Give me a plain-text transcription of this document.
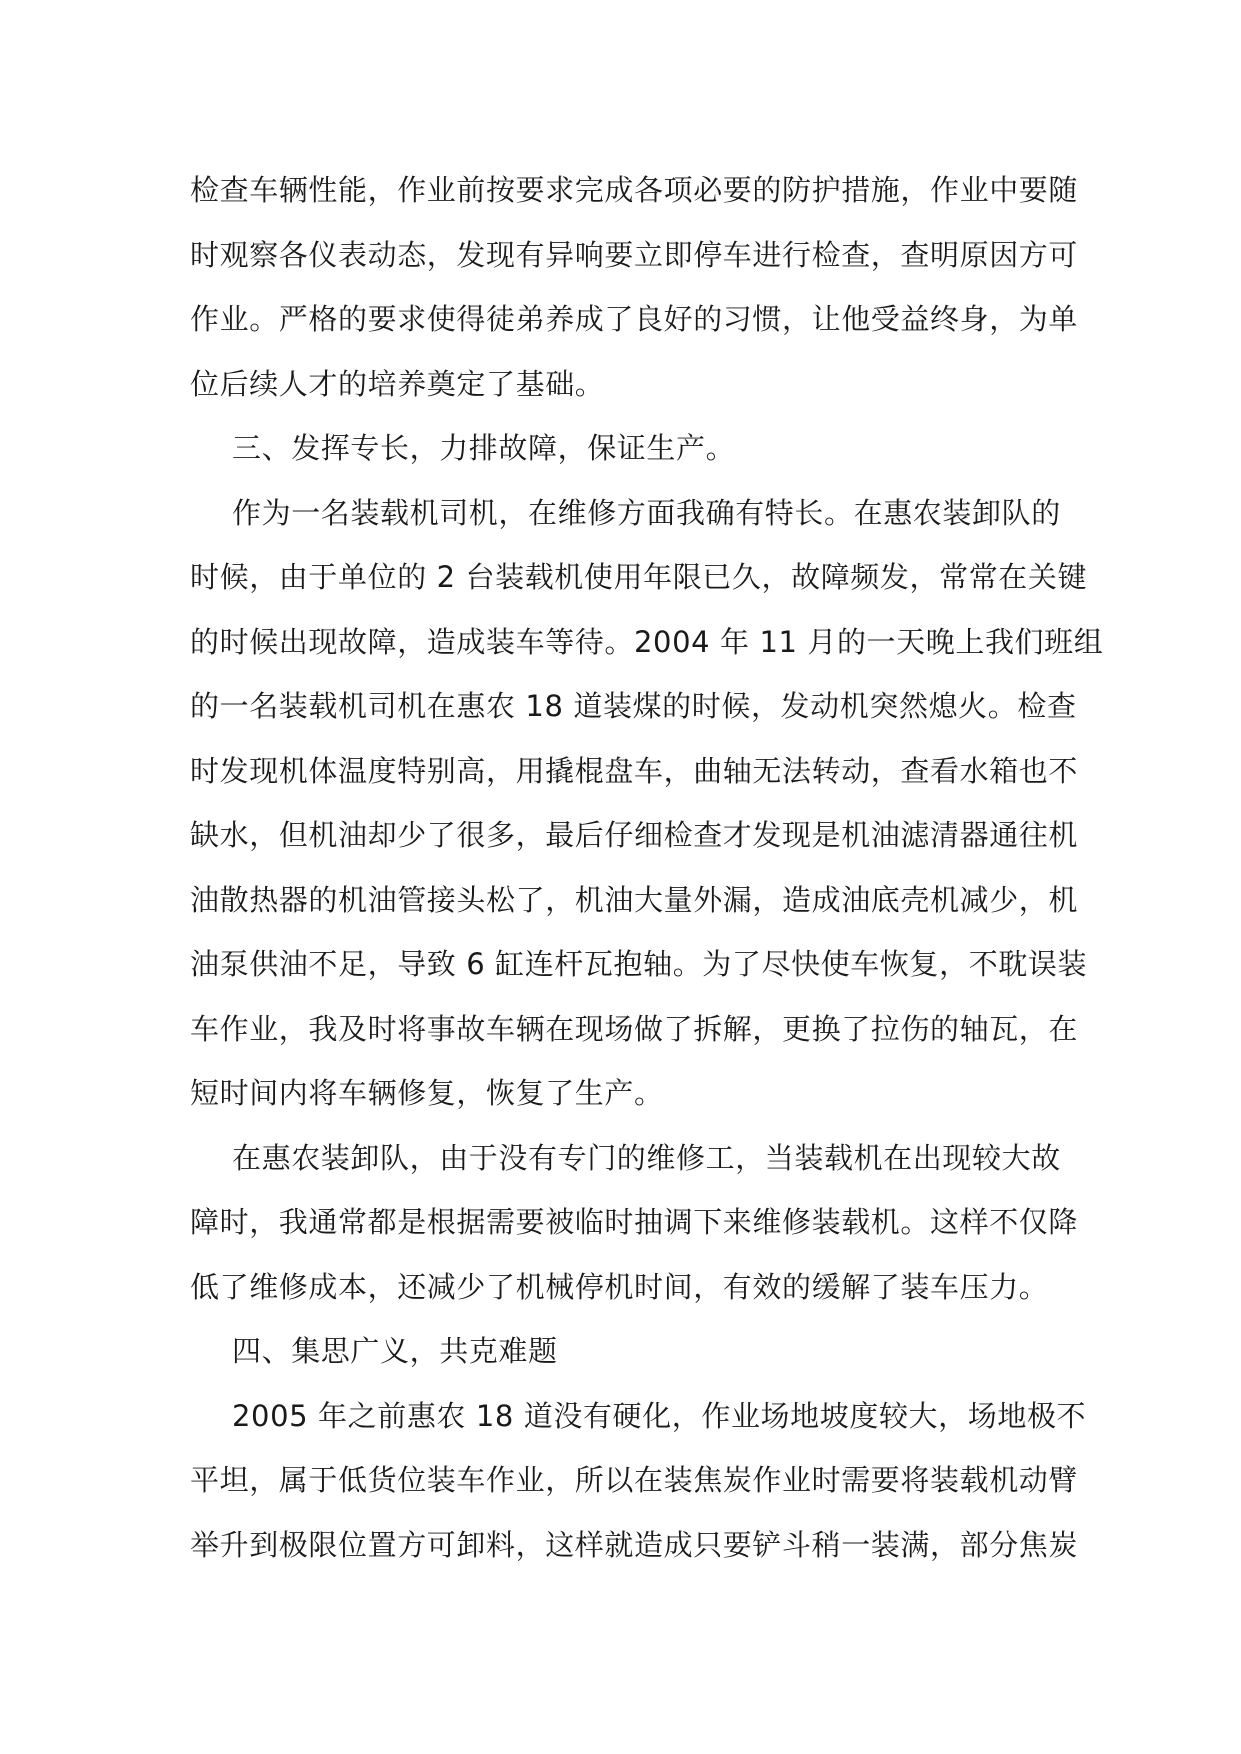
检查车辆性能，作业前按要求完成各项必要的防护措施，作业中要随
时观察各仪表动态，发现有异响要立即停车进行检查，查明原因方可
作业。严格的要求使得徒弟养成了良好的习惯，让他受益终身，为单
位后续人才的培养奠定了基础。
三、发挥专长，力排故障，保证生产。
作为一名装载机司机，在维修方面我确有特长。在惠农装卸队的
时候，由于单位的 2 台装载机使用年限已久，故障频发，常常在关键
的时候出现故障，造成装车等待。2004 年 11 月的一天晚上我们班组
的一名装载机司机在惠农 18 道装煤的时候，发动机突然熄火。检查
时发现机体温度特别高，用撬棍盘车，曲轴无法转动，查看水箱也不
缺水，但机油却少了很多，最后仔细检查才发现是机油滤清器通往机
油散热器的机油管接头松了，机油大量外漏，造成油底壳机减少，机
油泵供油不足，导致 6 缸连杆瓦抱轴。为了尽快使车恢复，不耽误装
车作业，我及时将事故车辆在现场做了拆解，更换了拉伤的轴瓦，在
短时间内将车辆修复，恢复了生产。
在惠农装卸队，由于没有专门的维修工，当装载机在出现较大故
障时，我通常都是根据需要被临时抽调下来维修装载机。这样不仅降
低了维修成本，还减少了机械停机时间，有效的缓解了装车压力。
四、集思广义，共克难题
2005 年之前惠农 18 道没有硬化，作业场地坡度较大，场地极不
平坦，属于低货位装车作业，所以在装焦炭作业时需要将装载机动臂
举升到极限位置方可卸料，这样就造成只要铲斗稍一装满，部分焦炭
